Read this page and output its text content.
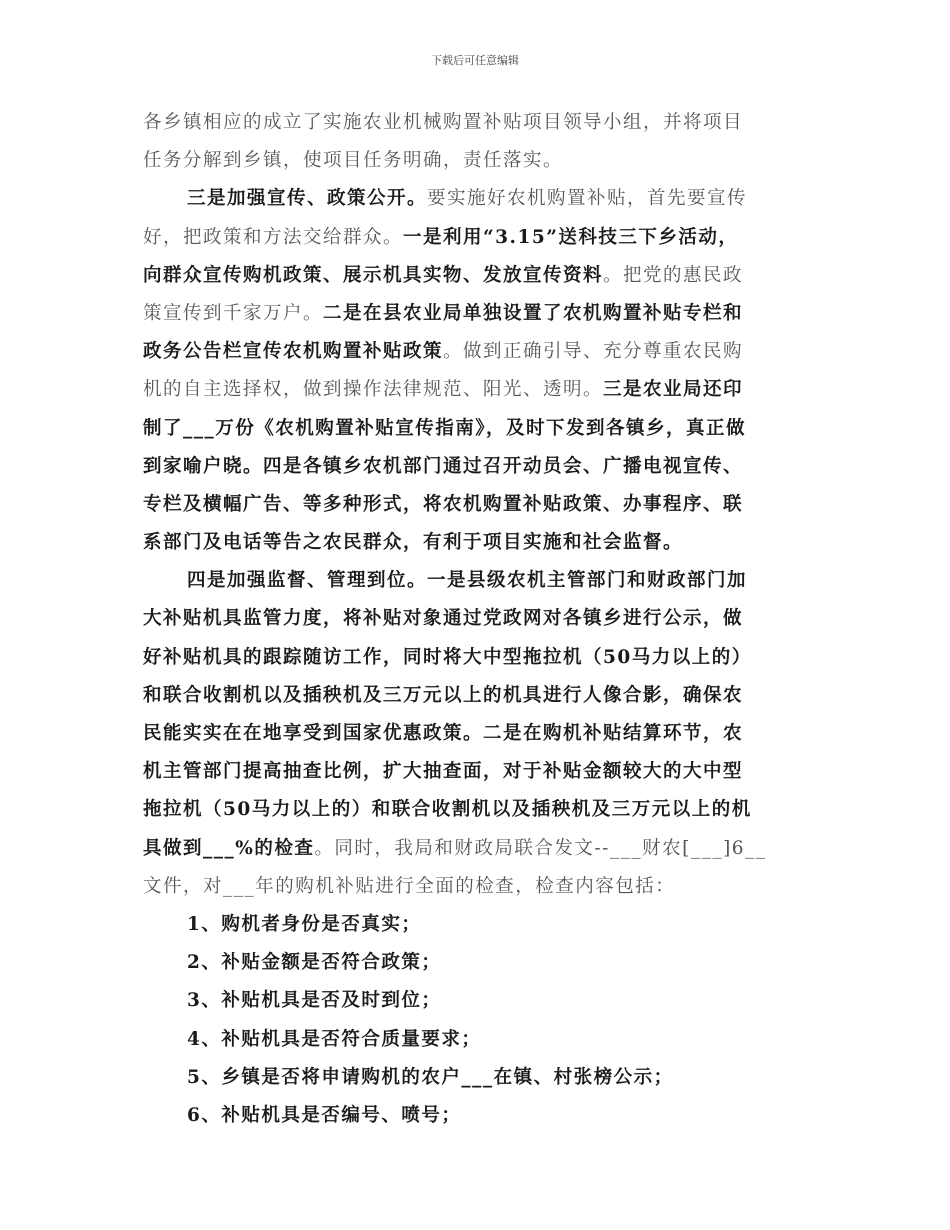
下载后可任意编辑
各乡镇相应的成立了实施农业机械购置补贴项目领导小组，并将项目
任务分解到乡镇，使项目任务明确，责任落实。
三是加强宣传、政策公开。要实施好农机购置补贴，首先要宣传
好，把政策和方法交给群众。一是利用“3.15”送科技三下乡活动，
向群众宣传购机政策、展示机具实物、发放宣传资料。把党的惠民政
策宣传到千家万户。二是在县农业局单独设置了农机购置补贴专栏和
政务公告栏宣传农机购置补贴政策。做到正确引导、充分尊重农民购
机的自主选择权，做到操作法律规范、阳光、透明。三是农业局还印
制了___万份《农机购置补贴宣传指南》，及时下发到各镇乡，真正做
到家喻户晓。四是各镇乡农机部门通过召开动员会、广播电视宣传、
专栏及横幅广告、等多种形式，将农机购置补贴政策、办事程序、联
系部门及电话等告之农民群众，有利于项目实施和社会监督。
四是加强监督、管理到位。一是县级农机主管部门和财政部门加
大补贴机具监管力度，将补贴对象通过党政网对各镇乡进行公示，做
好补贴机具的跟踪随访工作，同时将大中型拖拉机（50马力以上的）
和联合收割机以及插秧机及三万元以上的机具进行人像合影，确保农
民能实实在在地享受到国家优惠政策。二是在购机补贴结算环节，农
机主管部门提高抽查比例，扩大抽查面，对于补贴金额较大的大中型
拖拉机（50马力以上的）和联合收割机以及插秧机及三万元以上的机
具做到___%的检查。同时，我局和财政局联合发文--___财农[___]6__
文件，对___年的购机补贴进行全面的检查，检查内容包括：
1、购机者身份是否真实；
2、补贴金额是否符合政策；
3、补贴机具是否及时到位；
4、补贴机具是否符合质量要求；
5、乡镇是否将申请购机的农户___在镇、村张榜公示；
6、补贴机具是否编号、喷号；
